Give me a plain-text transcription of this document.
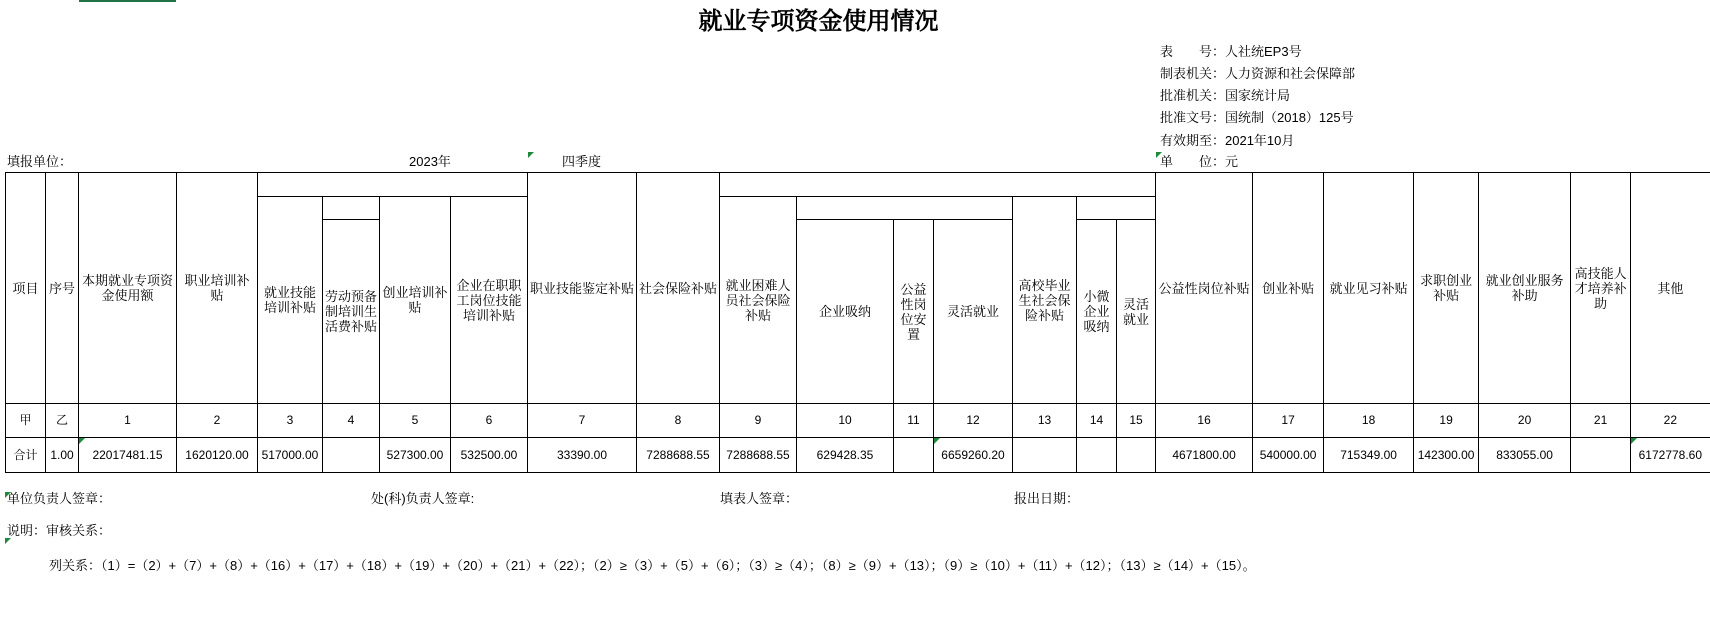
就业专项资金使用情况
表　　号：人社统EP3号
制表机关：人力资源和社会保障部
批准机关：国家统计局
批准文号：国统制（2018）125号
有效期至：2021年10月
填报单位：	2023年	四季度	单　　位：元
项目	序号	本期就业专项资金使用额	职业培训补贴					职业技能鉴定补贴	社会保险补贴								公益性岗位补贴	创业补贴	就业见习补贴	求职创业补贴	就业创业服务补助	高技能人才培养补助	其他
				就业技能培训补贴		创业培训补贴	企业在职职工岗位技能培训补贴			就业困难人员社会保险补贴				高校毕业生社会保险补贴									
					劳动预备制培训生活费补贴						企业吸纳	公益性岗位安置	灵活就业		小微企业吸纳	灵活就业							
甲	乙	1	2	3	4	5	6	7	8	9	10	11	12	13	14	15	16	17	18	19	20	21	22
合计	1.00	22017481.15	1620120.00	517000.00		527300.00	532500.00	33390.00	7288688.55	7288688.55	629428.35		6659260.20				4671800.00	540000.00	715349.00	142300.00	833055.00		6172778.60
单位负责人签章：	处(科)负责人签章:	填表人签章：	报出日期：
说明：审核关系：
列关系：（1）=（2）+（7）+（8）+（16）+（17）+（18）+（19）+（20）+（21）+（22）；（2）≥（3）+（5）+（6）；（3）≥（4）；（8）≥（9）+（13）；（9）≥（10）+（11）+（12）；（13）≥（14）+（15）。
